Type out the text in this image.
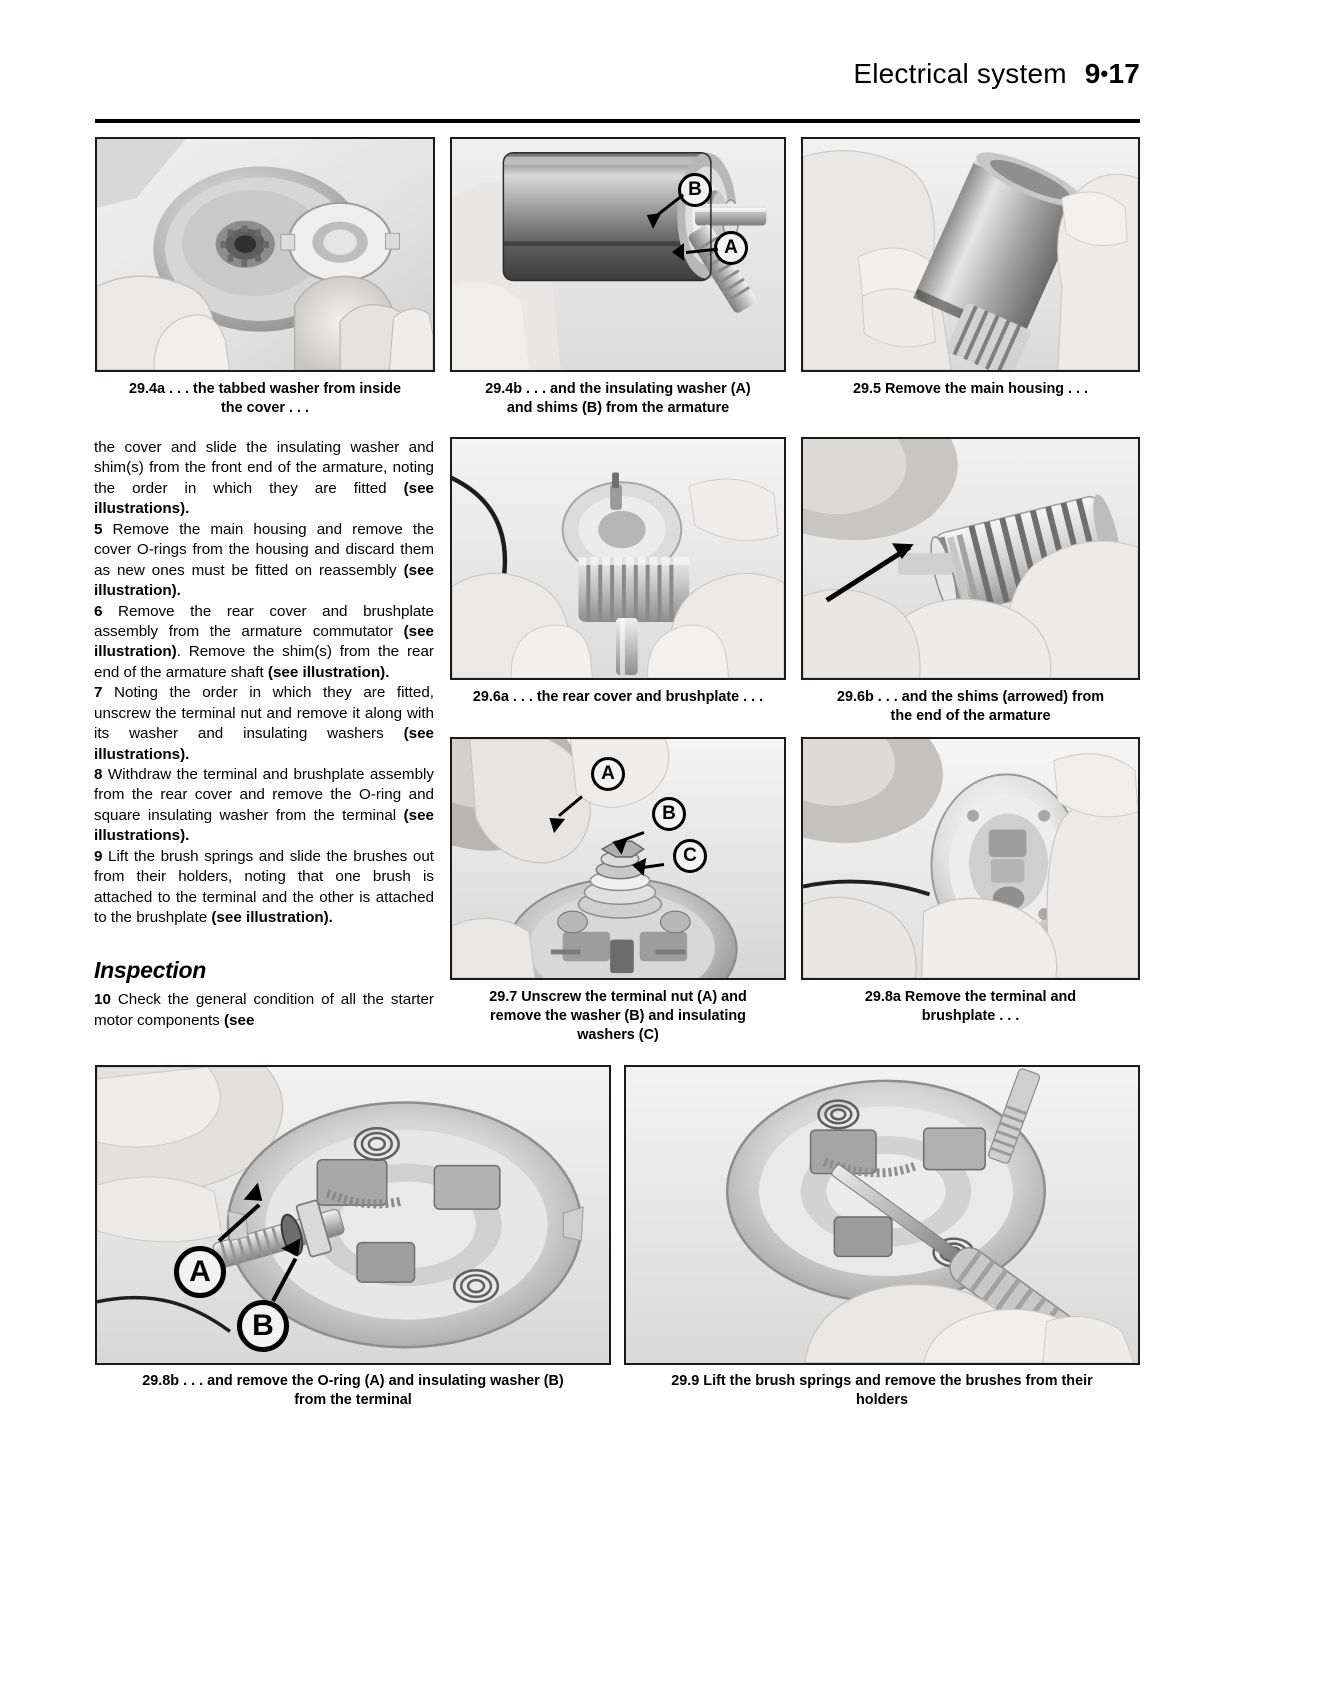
Electrical system 9•17
29.4a . . . the tabbed washer from inside
the cover . . .
B
A
29.4b . . . and the insulating washer (A)
and shims (B) from the armature
29.5 Remove the main housing . . .
29.6a . . . the rear cover and brushplate . . .	29.6b . . . and the shims (arrowed) from
the end of the armature
A
B
C
29.7 Unscrew the terminal nut (A) and
remove the washer (B) and insulating
washers (C)
29.8a Remove the terminal and
brushplate . . .
A
B
29.8b . . . and remove the O-ring (A) and insulating washer (B)
from the terminal
29.9 Lift the brush springs and remove the brushes from their
holders

the cover and slide the insulating washer and shim(s) from the front end of the armature, noting the order in which they are fitted (see illustrations).

5 Remove the main housing and remove the cover O-rings from the housing and discard them as new ones must be fitted on reassembly (see illustration).

6 Remove the rear cover and brushplate assembly from the armature commutator (see illustration). Remove the shim(s) from the rear end of the armature shaft (see illustration).

7 Noting the order in which they are fitted, unscrew the terminal nut and remove it along with its washer and insulating washers (see illustrations).

8 Withdraw the terminal and brushplate assembly from the rear cover and remove the O-ring and square insulating washer from the terminal (see illustrations).

9 Lift the brush springs and slide the brushes out from their holders, noting that one brush is attached to the terminal and the other is attached to the brushplate (see illustration).

Inspection

10 Check the general condition of all the starter motor components (see
